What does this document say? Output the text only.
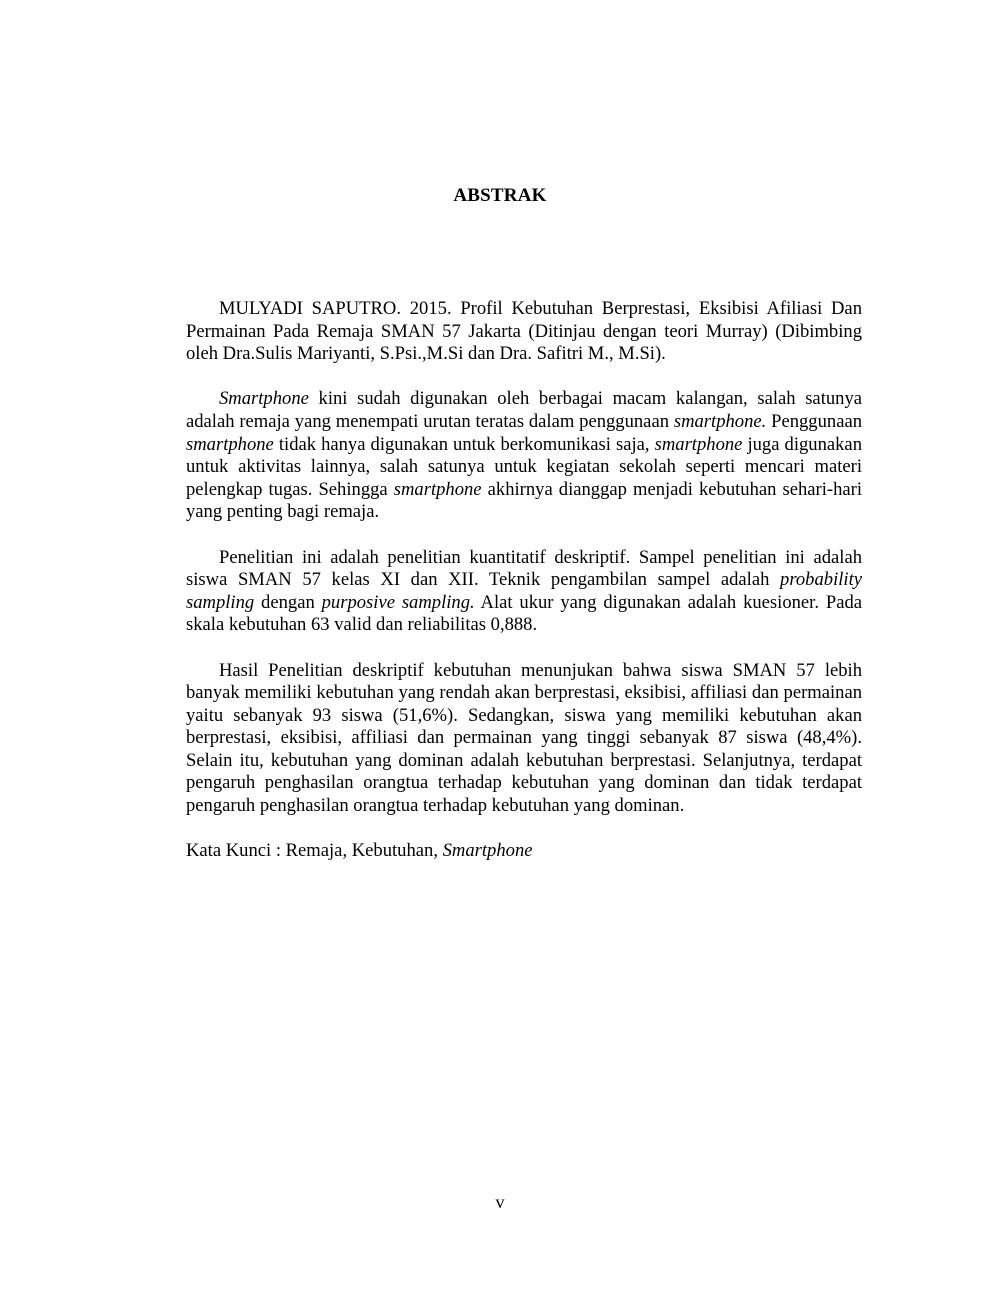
ABSTRAK

MULYADI SAPUTRO. 2015. Profil Kebutuhan Berprestasi, Eksibisi Afiliasi Dan Permainan Pada Remaja SMAN 57 Jakarta (Ditinjau dengan teori Murray) (Dibimbing oleh Dra.Sulis Mariyanti, S.Psi.,M.Si dan Dra. Safitri M., M.Si).

Smartphone kini sudah digunakan oleh berbagai macam kalangan, salah satunya adalah remaja yang menempati urutan teratas dalam penggunaan smartphone. Penggunaan smartphone tidak hanya digunakan untuk berkomunikasi saja, smartphone juga digunakan untuk aktivitas lainnya, salah satunya untuk kegiatan sekolah seperti mencari materi pelengkap tugas. Sehingga smartphone akhirnya dianggap menjadi kebutuhan sehari-hari yang penting bagi remaja.

Penelitian ini adalah penelitian kuantitatif deskriptif. Sampel penelitian ini adalah siswa SMAN 57 kelas XI dan XII. Teknik pengambilan sampel adalah probability sampling dengan purposive sampling. Alat ukur yang digunakan adalah kuesioner. Pada skala kebutuhan 63 valid dan reliabilitas 0,888.

Hasil Penelitian deskriptif kebutuhan menunjukan bahwa siswa SMAN 57 lebih banyak memiliki kebutuhan yang rendah akan berprestasi, eksibisi, affiliasi dan permainan yaitu sebanyak 93 siswa (51,6%). Sedangkan, siswa yang memiliki kebutuhan akan berprestasi, eksibisi, affiliasi dan permainan yang tinggi sebanyak 87 siswa (48,4%). Selain itu, kebutuhan yang dominan adalah kebutuhan berprestasi. Selanjutnya, terdapat pengaruh penghasilan orangtua terhadap kebutuhan yang dominan dan tidak terdapat pengaruh penghasilan orangtua terhadap kebutuhan yang dominan.

Kata Kunci : Remaja, Kebutuhan, Smartphone

v
